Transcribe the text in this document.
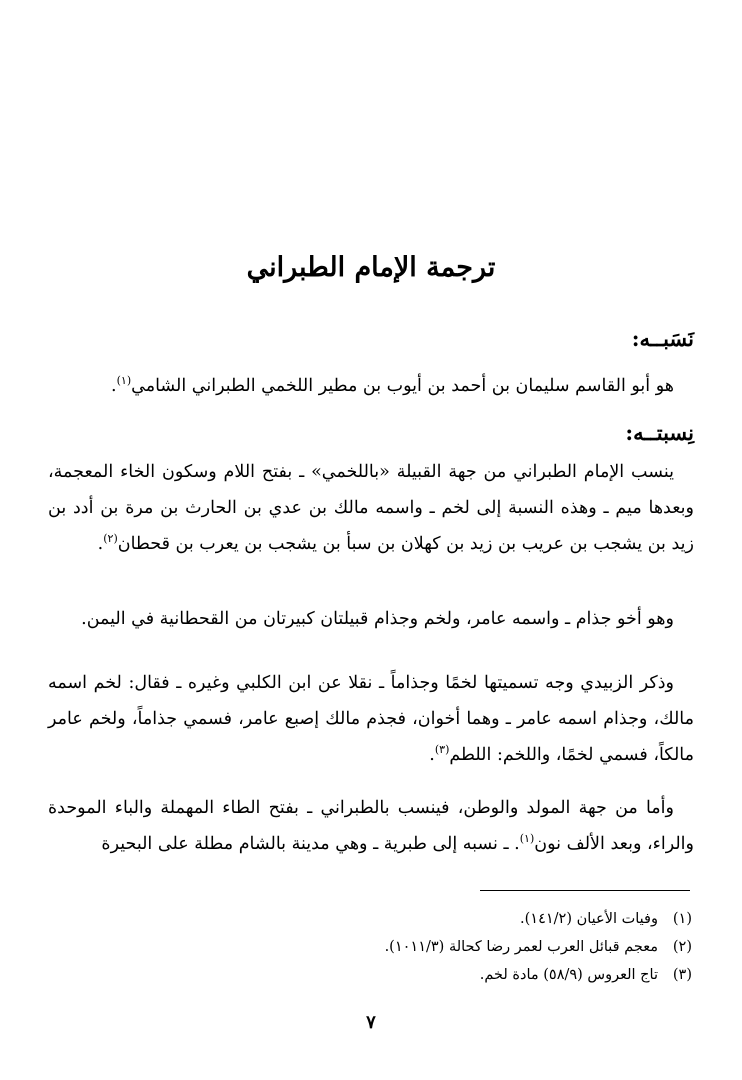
ترجمة الإمام الطبراني
نَسَبــه:
هو أبو القاسم سليمان بن أحمد بن أيوب بن مطير اللخمي الطبراني الشامي$^{(١)}$.
نِسبتــه:
ينسب الإمام الطبراني من جهة القبيلة «باللخمي» ـ بفتح اللام وسكون الخاء المعجمة، وبعدها ميم ـ وهذه النسبة إلى لخم ـ واسمه مالك بن عدي بن الحارث بن مرة بن أدد بن زيد بن يشجب بن عريب بن زيد بن كهلان بن سبأ بن يشجب بن يعرب بن قحطان$^{(٢)}$.
وهو أخو جذام ـ واسمه عامر، ولخم وجذام قبيلتان كبيرتان من القحطانية في اليمن.
وذكر الزبيدي وجه تسميتها لخمًا وجذاماً ـ نقلا عن ابن الكلبي وغيره ـ فقال: لخم اسمه مالك، وجذام اسمه عامر ـ وهما أخوان، فجذم مالك إصبع عامر، فسمي جذاماً، ولخم عامر مالكاً، فسمي لخمًا، واللخم: اللطم$^{(٣)}$.
وأما من جهة المولد والوطن، فينسب بالطبراني ـ بفتح الطاء المهملة والباء الموحدة والراء، وبعد الألف نون$^{(١)}$. ـ نسبه إلى طبرية ـ وهي مدينة بالشام مطلة على البحيرة
(١)وفيات الأعيان (١٤١/٢).
(٢)معجم قبائل العرب لعمر رضا كحالة (١٠١١/٣).
(٣)تاج العروس (٥٨/٩) مادة لخم.
٧
